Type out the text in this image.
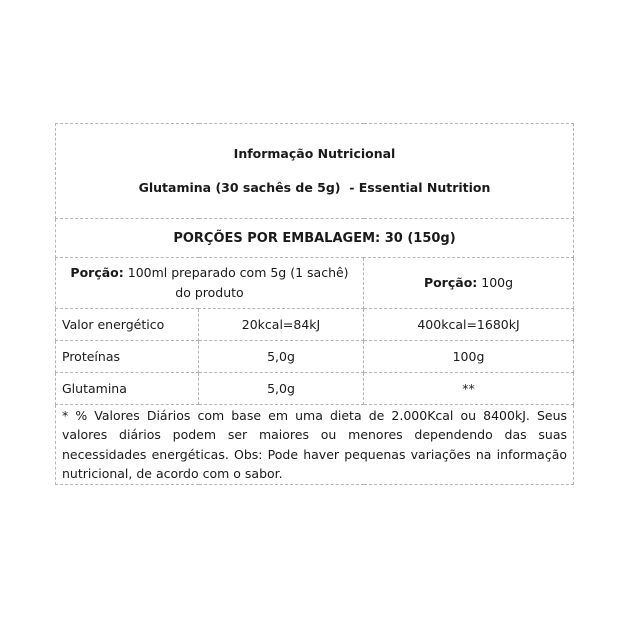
Informação Nutricional
Glutamina (30 sachês de 5g)  - Essential Nutrition		

PORÇÕES POR EMBALAGEM: 30 (150g)		
Porção: 100ml preparado com 5g (1 sachê) do produto		Porção: 100g
Valor energético	20kcal=84kJ	400kcal=1680kJ
Proteínas	5,0g	100g
Glutamina	5,0g	**
* % Valores Diários com base em uma dieta de 2.000Kcal ou 8400kJ. Seus valores diários podem ser maiores ou menores dependendo das suas necessidades energéticas. Obs: Pode haver pequenas variações na informação nutricional, de acordo com o sabor.		
